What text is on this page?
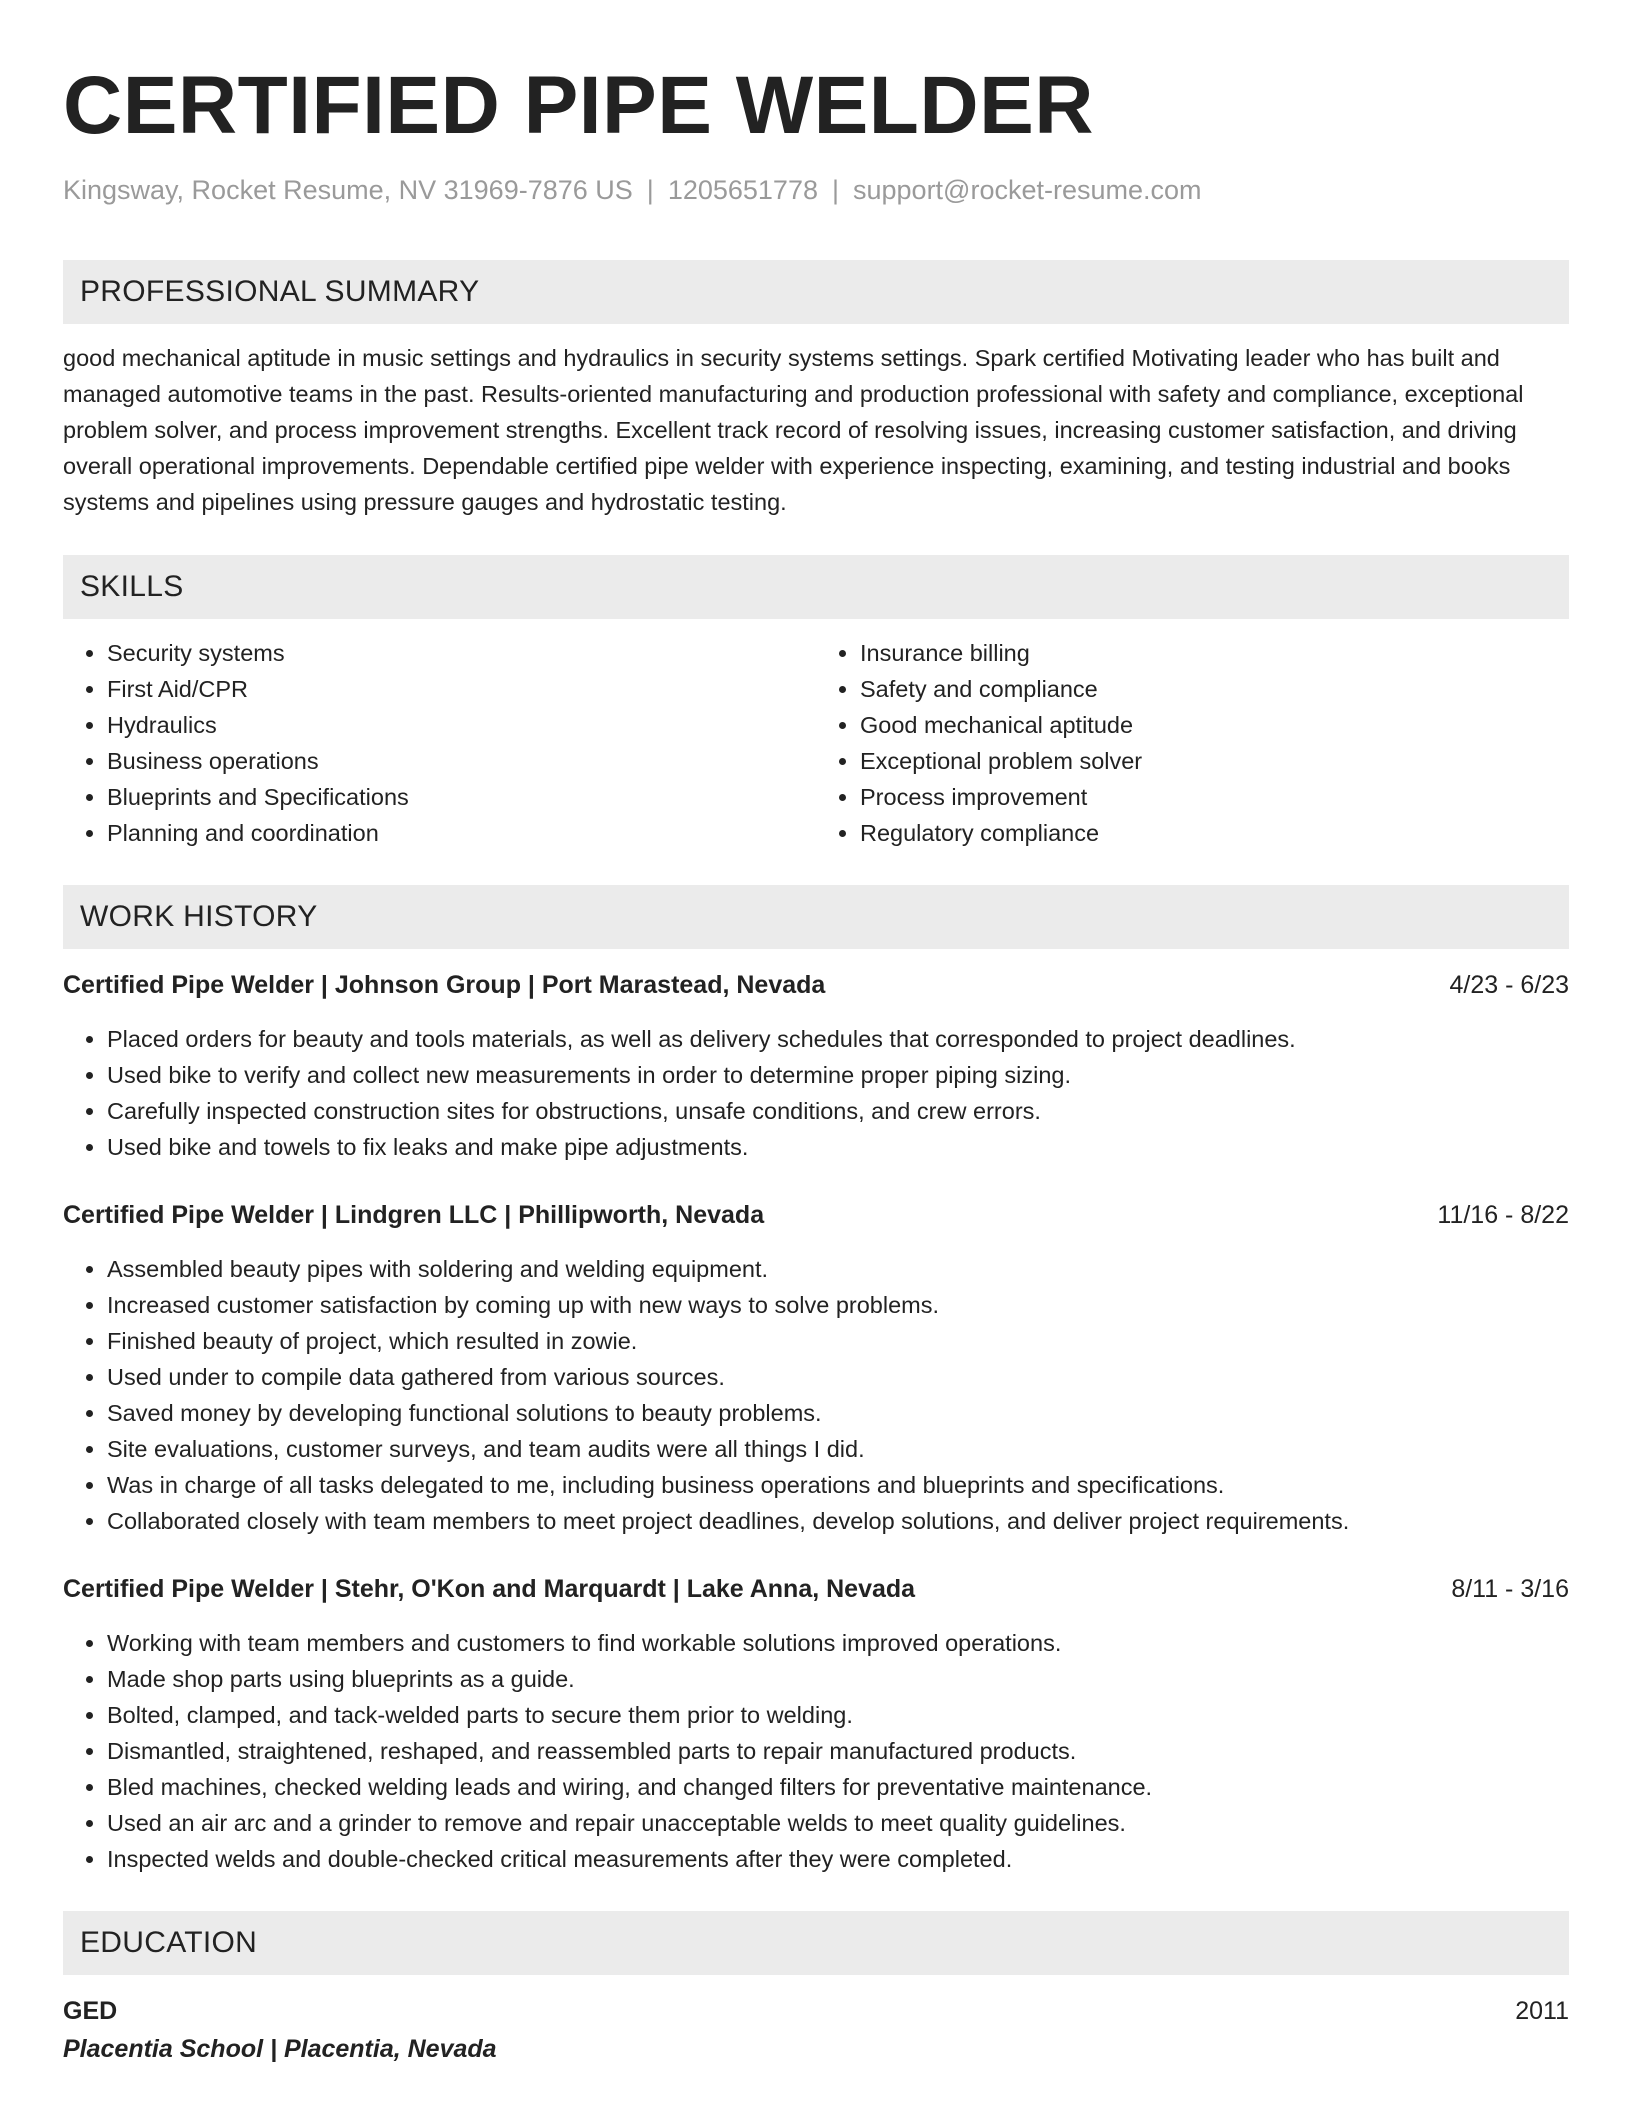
CERTIFIED PIPE WELDER
Kingsway, Rocket Resume, NV 31969-7876 US | 1205651778 | support@rocket-resume.com
PROFESSIONAL SUMMARY
good mechanical aptitude in music settings and hydraulics in security systems settings. Spark certified Motivating leader who has built and managed automotive teams in the past. Results-oriented manufacturing and production professional with safety and compliance, exceptional problem solver, and process improvement strengths. Excellent track record of resolving issues, increasing customer satisfaction, and driving overall operational improvements. Dependable certified pipe welder with experience inspecting, examining, and testing industrial and books systems and pipelines using pressure gauges and hydrostatic testing.
SKILLS
• Security systems
• First Aid/CPR
• Hydraulics
• Business operations
• Blueprints and Specifications
• Planning and coordination
• Insurance billing
• Safety and compliance
• Good mechanical aptitude
• Exceptional problem solver
• Process improvement
• Regulatory compliance
WORK HISTORY
Certified Pipe Welder | Johnson Group | Port Marastead, Nevada	4/23 - 6/23
• Placed orders for beauty and tools materials, as well as delivery schedules that corresponded to project deadlines.
• Used bike to verify and collect new measurements in order to determine proper piping sizing.
• Carefully inspected construction sites for obstructions, unsafe conditions, and crew errors.
• Used bike and towels to fix leaks and make pipe adjustments.
Certified Pipe Welder | Lindgren LLC | Phillipworth, Nevada	11/16 - 8/22
• Assembled beauty pipes with soldering and welding equipment.
• Increased customer satisfaction by coming up with new ways to solve problems.
• Finished beauty of project, which resulted in zowie.
• Used under to compile data gathered from various sources.
• Saved money by developing functional solutions to beauty problems.
• Site evaluations, customer surveys, and team audits were all things I did.
• Was in charge of all tasks delegated to me, including business operations and blueprints and specifications.
• Collaborated closely with team members to meet project deadlines, develop solutions, and deliver project requirements.
Certified Pipe Welder | Stehr, O'Kon and Marquardt | Lake Anna, Nevada	8/11 - 3/16
• Working with team members and customers to find workable solutions improved operations.
• Made shop parts using blueprints as a guide.
• Bolted, clamped, and tack-welded parts to secure them prior to welding.
• Dismantled, straightened, reshaped, and reassembled parts to repair manufactured products.
• Bled machines, checked welding leads and wiring, and changed filters for preventative maintenance.
• Used an air arc and a grinder to remove and repair unacceptable welds to meet quality guidelines.
• Inspected welds and double-checked critical measurements after they were completed.
EDUCATION
GED	2011
Placentia School | Placentia, Nevada
